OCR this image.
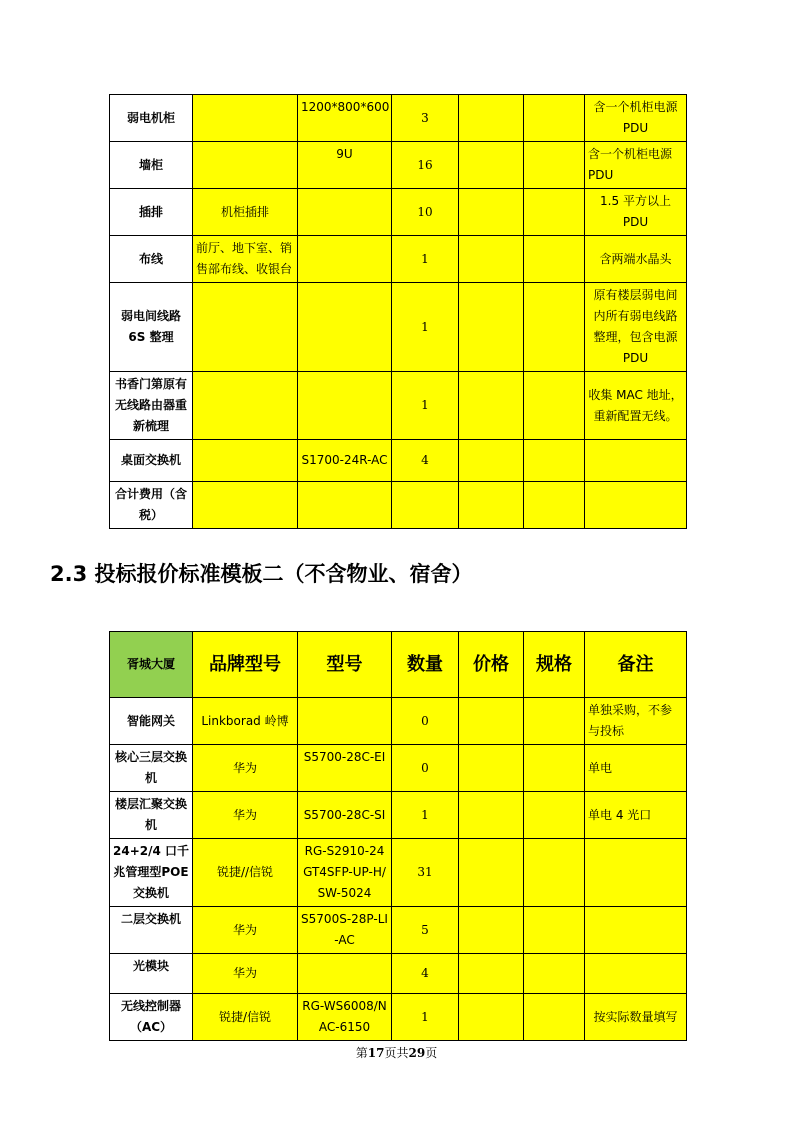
弱电机柜		1200*800*600	3			含一个机柜电源PDU
墙柜		9U	16			含一个机柜电源PDU
插排	机柜插排		10			1.5 平方以上PDU
布线	前厅、地下室、销售部布线、收银台		1			含两端水晶头
弱电间线路6S 整理			1			原有楼层弱电间内所有弱电线路整理，包含电源 PDU
书香门第原有无线路由器重新梳理			1			收集 MAC 地址，重新配置无线。
桌面交换机		S1700-24R-AC	4			
合计费用（含税）						
2.3 投标报价标准模板二（不含物业、宿舍）
胥城大厦	品牌型号	型号	数量	价格	规格	备注
智能网关	Linkborad 岭博		0			单独采购，不参与投标
核心三层交换机	华为	S5700-28C-EI	0			单电
楼层汇聚交换机	华为	S5700-28C-SI	1			单电 4 光口
24+2/4 口千兆管理型POE 交换机	锐捷//信锐	RG-S2910-24GT4SFP-UP-H/SW-5024	31			
二层交换机	华为	S5700S-28P-LI-AC	5			
光模块	华为		4			
无线控制器（AC）	锐捷/信锐	RG-WS6008/NAC-6150	1			按实际数量填写
第17页共29页
